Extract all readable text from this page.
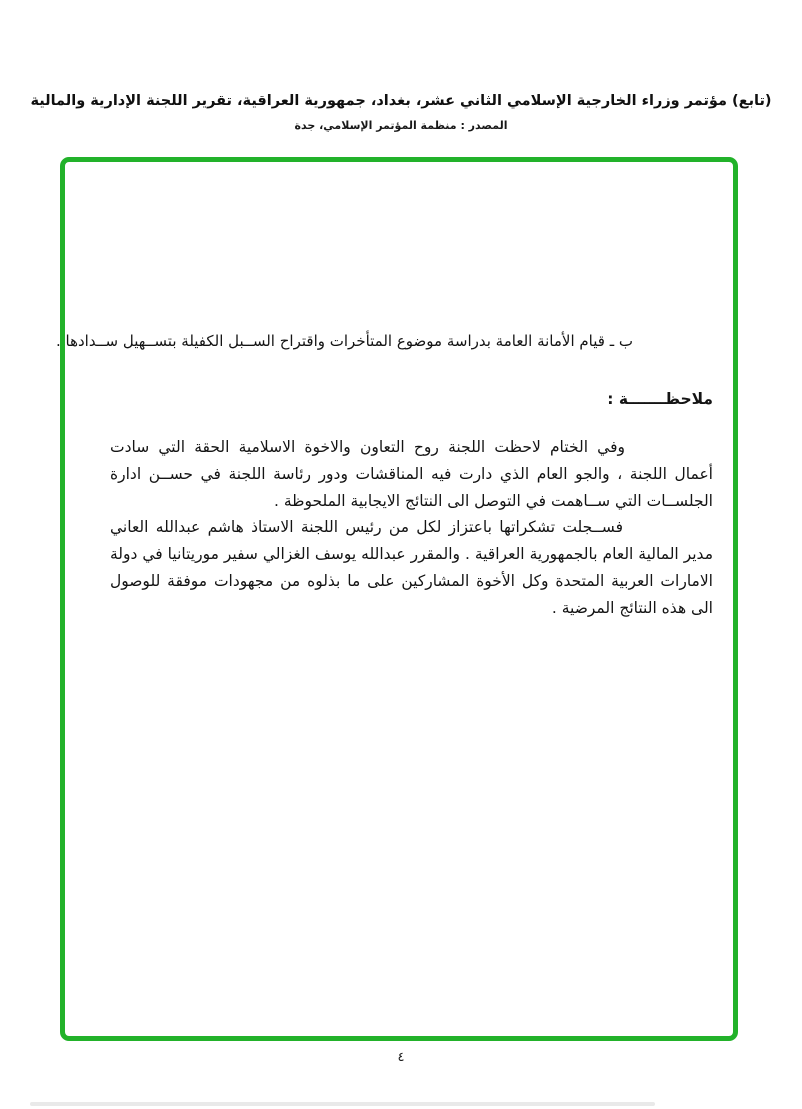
(تابع) مؤتمر وزراء الخارجية الإسلامي الثاني عشر، بغداد، جمهورية العراقية، تقرير اللجنة الإدارية والمالية
المصدر : منظمة المؤتمر الإسلامي، جدة

ب ـ قيام الأمانة العامة بدراسة موضوع المتأخرات واقتراح الســبل الكفيلة بتســهيل ســدادها .

ملاحظـــــــة :

وفي الختام لاحظت اللجنة روح التعاون والاخوة الاسلامية الحقة التي سادت أعمال اللجنة ، والجو العام الذي دارت فيه المناقشات ودور رئاسة اللجنة في حســن ادارة الجلســات التي ســاهمت في التوصل الى النتائج الايجابية الملحوظة .

فســجلت تشكراتها باعتزاز لكل من رئيس اللجنة الاستاذ هاشم عبدالله العاني مدير المالية العام بالجمهورية العراقية . والمقرر عبدالله يوسف الغزالي سفير موريتانيا في دولة الامارات العربية المتحدة وكل الأخوة المشاركين على ما بذلوه من مجهودات موفقة للوصول الى هذه النتائج المرضية .

٤
